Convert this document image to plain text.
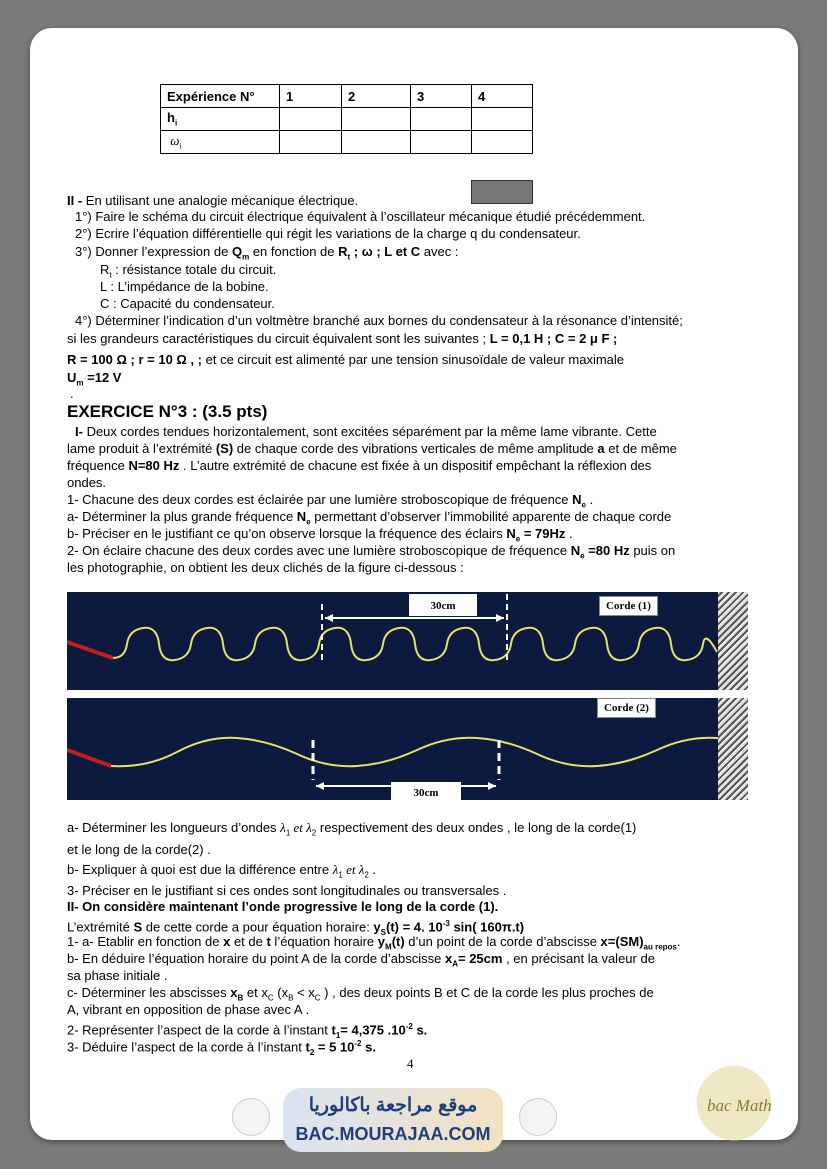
Expérience N°	1	2	3	4
$h_i$				
$\omega_i$				
II - En utilisant une analogie mécanique électrique.
1°) Faire le schéma du circuit électrique équivalent à l’oscillateur mécanique étudié précédemment.
2°) Ecrire l’équation différentielle qui régit les variations de la charge q du condensateur.
3°) Donner l’expression de $Q_m$ en fonction de $R_t$ ; ω ; L et C avec :
$R_t$ : résistance totale du circuit.
L : L’impédance de la bobine.
C : Capacité du condensateur.
4°) Déterminer l’indication d’un voltmètre branché aux bornes du condensateur à la résonance d’intensité;
si les grandeurs caractéristiques du circuit équivalent sont les suivantes ; L = 0,1 H ; C = 2 μ F ;
R = 100 Ω ; r = 10 Ω , ; et ce circuit est alimenté par une tension sinusoïdale de valeur maximale
$U_m =12$ V
.
EXERCICE N°3 : (3.5 pts)
I- Deux cordes tendues horizontalement, sont excitées séparément par la même lame vibrante. Cette
lame produit à l’extrémité (S) de chaque corde des vibrations verticales de même amplitude a et de même
fréquence N=80 Hz . L’autre extrémité de chacune est fixée à un dispositif empêchant la réflexion des
ondes.
1- Chacune des deux cordes est éclairée par une lumière stroboscopique de fréquence $N_e$ .
a- Déterminer la plus grande fréquence $N_e$ permettant d’observer l’immobilité apparente de chaque corde
b- Préciser en le justifiant ce qu’on observe lorsque la fréquence des éclairs $N_e = 79Hz$ .
2- On éclaire chacune des deux cordes avec une lumière stroboscopique de fréquence $N_e =80$ Hz puis on
les photographie, on obtient les deux clichés de la figure ci-dessous :
30cm	Corde (1)
30cm
Corde (2)
a- Déterminer les longueurs d’ondes $\lambda_1$ et $\lambda_2$ respectivement des deux ondes , le long de la corde(1)
et le long de la corde(2) .
b- Expliquer à quoi est due la différence entre $\lambda_1$ et $\lambda_2$ .
3- Préciser en le justifiant si ces ondes sont longitudinales ou transversales .
II- On considère maintenant l’onde progressive le long de la corde (1).
L’extrémité S de cette corde a pour équation horaire: $y_S(t) = 4$. $10^{-3}$ sin( 160π.t)
1- a- Etablir en fonction de x et de t l’équation horaire $y_M(t)$ d’un point de la corde d’abscisse $x=(SM)_{au repos}$.
b- En déduire l’équation horaire du point A de la corde d’abscisse $x_A= 25cm$ , en précisant la valeur de
sa phase initiale .
c- Déterminer les abscisses $x_B$ et $x_C$ ($x_B < x_C$ ) , des deux points B et C de la corde les plus proches de
A, vibrant en opposition de phase avec A .
2- Représenter l’aspect de la corde à l’instant $t_1= 4,375$ $.10^{-2}$ s.
3- Déduire l’aspect de la corde à l’instant $t_2 = 5$ $10^{-2}$ s.
4
موقع مراجعة باكالوريا
BAC.MOURAJAA.COM
bac Math
